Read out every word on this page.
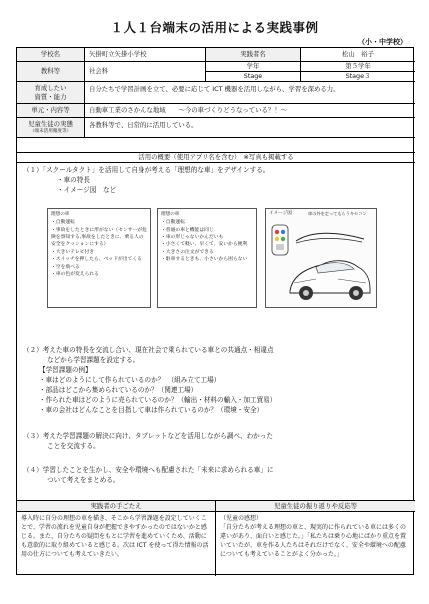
１人１台端末の活用による実践事例
（小・中学校）
学校名	矢掛町立矢掛小学校	実践者名	松山　裕子
教科等	社会科
学年	第５学年
Stage	Stage３
育成したい
資質・能力
自分たちで学習計画を立て、必要に応じて ICT 機器を活用しながら、学習を深める力。
単元・内容等	自動車工業のさかんな地域　　～今の車づくりどうなっている？！～
児童生徒の実態
（端末活用頻度等）
各教科等で、日常的に活用している。
活用の概要（使用アプリ名を含む）　※写真も掲載する
（１）「スクールタクト」を活用して自身が考える「理想的な車」をデザインする。
・車の特長
・イメージ図　など
理想の車
・自動運転
・事故をしたときに形がない（センサーが危険を察知する,事故をしたときに、乗る人の
安全をクッションにする）
・大きいテレビ付き
・スイッチを押したら、ベッドが出てくる
・空を飛べる
・車の色が変えられる
理想の車
・自動運転
・普通の車と機能は同じ
・車の形じゃないかんだいも
・小さくて軽い、早くて、安いから便利
・大きさの注文ができる
・駐車するときも、小さいから困らない
イメージ図	車の外を走ってもらうキセコン
（２）考えた車の特長を交流し合い、現在社会で乗られている車との共通点・相違点
などから学習課題を設定する。
【学習課題の例】
・車はどのようにして作られているのか？　（組み立て工場）
・部品はどこから集められているのか？（関連工場）
・作られた車はどのように売られているのか？（輸出・材料の輸入・加工貿易）
・車の会社はどんなことを目指して車は作られているのか？（環境・安全）
（３）考えた学習課題の解決に向け、タブレットなどを活用しながら調べ、わかった
ことを交流する。
（４）学習したことを生かし、安全や環境へも配慮された「未来に求められる車」に
ついて考えをまとめる。
実践者の手ごたえ	児童生徒の振り返りや反応等
導入時に自分の理想の車を描き、そこから学習課題を設定していくことで、学習の流れを児童自身が把握できやすかったのではないかと感じる。また、自分たちの疑問をもとに学習を進めていくため、活動にも意欲的に取り組めていると感じる。次は ICT を使って得た情報の活用の仕方についても考えていきたい。
（児童の感想）
「自分たちが考える理想の車と、現実的に作られている車には多くの違いがあり、面白いと感じた。」「私たちは乗り心地にばかり重点を置いていたが、車を作る人たちはそれだけでなく、安全や環境への配慮についても考えていることがよく分かった。」
